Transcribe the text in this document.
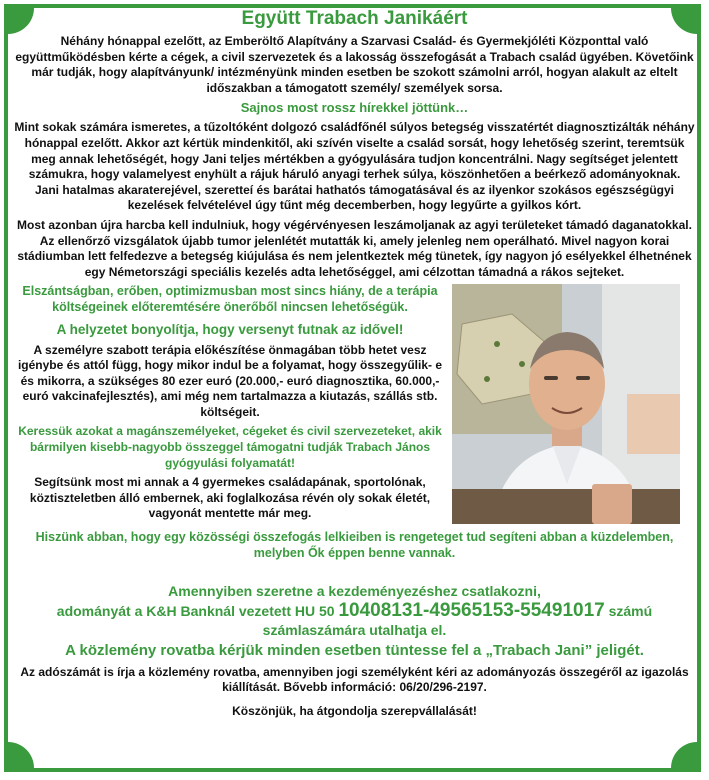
Együtt Trabach Janikáért

Néhány hónappal ezelőtt, az Emberöltő Alapítvány a Szarvasi Család- és Gyermekjóléti Központtal való együttműködésben kérte a cégek, a civil szervezetek és a lakosság összefogását a Trabach család ügyében. Követőink már tudják, hogy alapítványunk/ intézményünk minden esetben be szokott számolni arról, hogyan alakult az eltelt időszakban a támogatott személy/ személyek sorsa.

Sajnos most rossz hírekkel jöttünk…

Mint sokak számára ismeretes, a tűzoltóként dolgozó családfőnél súlyos betegség visszatértét diagnosztizálták néhány hónappal ezelőtt. Akkor azt kértük mindenkitől, aki szívén viselte a család sorsát, hogy lehetőség szerint, teremtsük meg annak lehetőségét, hogy Jani teljes mértékben a gyógyulására tudjon koncentrálni. Nagy segítséget jelentett számukra, hogy valamelyest enyhült a rájuk háruló anyagi terhek súlya, köszönhetően a beérkező adományoknak.

Jani hatalmas akaraterejével, szeretteí és barátai hathatós támogatásával és az ilyenkor szokásos egészségügyi kezelések felvételével úgy tűnt még decemberben, hogy legyűrte a gyilkos kórt.

Most azonban újra harcba kell indulniuk, hogy végérvényesen leszámoljanak az agyi területeket támadó daganatokkal. Az ellenőrző vizsgálatok újabb tumor jelenlétét mutatták ki, amely jelenleg nem operálható. Mivel nagyon korai stádiumban lett felfedezve a betegség kiújulása és nem jelentkeztek még tünetek, így nagyon jó esélyekkel élhetnének egy Németországi speciális kezelés adta lehetőséggel, ami célzottan támadná a rákos sejteket.

Elszántságban, erőben, optimizmusban most sincs hiány, de a terápia költségeinek előteremtésére önerőből nincsen lehetőségük.

A helyzetet bonyolítja, hogy versenyt futnak az idővel!

A személyre szabott terápia előkészítése önmagában több hetet vesz igénybe és attól függ, hogy mikor indul be a folyamat, hogy összegyűlik- e és mikorra, a szükséges 80 ezer euró (20.000,- euró diagnosztika, 60.000,- euró vakcinafejlesztés), ami még nem tartalmazza a kiutazás, szállás stb. költségeit.

Keressük azokat a magánszemélyeket, cégeket és civil szervezeteket, akik bármilyen kisebb-nagyobb összeggel támogatni tudják Trabach János gyógyulási folyamatát!

Segítsünk most mi annak a 4 gyermekes családapának, sportolónak, köztiszteletben álló embernek, aki foglalkozása révén oly sokak életét, vagyonát mentette már meg.

Hiszünk abban, hogy egy közösségi összefogás lelkieiben is rengeteget tud segíteni abban a küzdelemben, melyben Ők éppen benne vannak.

Amennyiben szeretne a kezdeményezéshez csatlakozni,

adományát a K&H Banknál vezetett HU 50 10408131-49565153-55491017 számú

számlaszámára utalhatja el.

A közlemény rovatba kérjük minden esetben tüntesse fel a „Trabach Jani” jeligét.

Az adószámát is írja a közlemény rovatba, amennyiben jogi személyként kéri az adományozás összegéről az igazolás kiállítását. Bővebb információ: 06/20/296-2197.

Köszönjük, ha átgondolja szerepvállalását!
